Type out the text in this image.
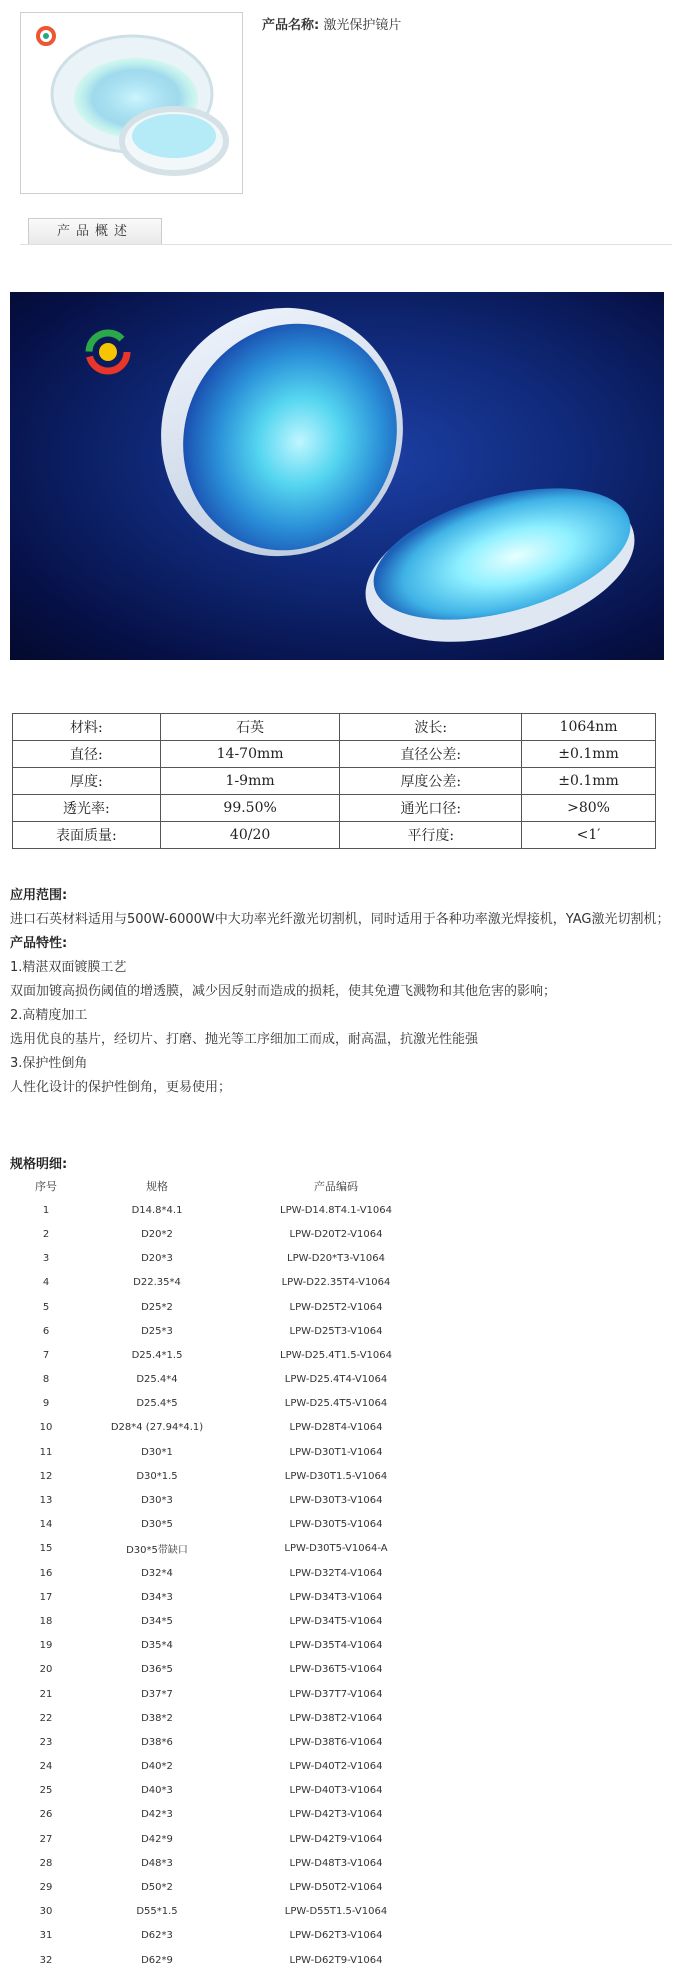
产品名称: 激光保护镜片
产品概述
材料:	石英	波长:	1064nm
直径:	14-70mm	直径公差:	±0.1mm
厚度:	1-9mm	厚度公差:	±0.1mm
透光率:	99.50%	通光口径:	>80%
表面质量:	40/20	平行度:	<1′
应用范围:
进口石英材料适用与500W-6000W中大功率光纤激光切割机，同时适用于各种功率激光焊接机，YAG激光切割机；
产品特性:
1.精湛双面镀膜工艺
双面加镀高损伤阈值的增透膜，减少因反射而造成的损耗，使其免遭飞溅物和其他危害的影响；
2.高精度加工
选用优良的基片，经切片、打磨、抛光等工序细加工而成，耐高温，抗激光性能强
3.保护性倒角
人性化设计的保护性倒角，更易使用；
规格明细:
序号	规格	产品编码
1	D14.8*4.1	LPW-D14.8T4.1-V1064
2	D20*2	LPW-D20T2-V1064
3	D20*3	LPW-D20*T3-V1064
4	D22.35*4	LPW-D22.35T4-V1064
5	D25*2	LPW-D25T2-V1064
6	D25*3	LPW-D25T3-V1064
7	D25.4*1.5	LPW-D25.4T1.5-V1064
8	D25.4*4	LPW-D25.4T4-V1064
9	D25.4*5	LPW-D25.4T5-V1064
10	D28*4 (27.94*4.1)	LPW-D28T4-V1064
11	D30*1	LPW-D30T1-V1064
12	D30*1.5	LPW-D30T1.5-V1064
13	D30*3	LPW-D30T3-V1064
14	D30*5	LPW-D30T5-V1064
15	D30*5带缺口	LPW-D30T5-V1064-A
16	D32*4	LPW-D32T4-V1064
17	D34*3	LPW-D34T3-V1064
18	D34*5	LPW-D34T5-V1064
19	D35*4	LPW-D35T4-V1064
20	D36*5	LPW-D36T5-V1064
21	D37*7	LPW-D37T7-V1064
22	D38*2	LPW-D38T2-V1064
23	D38*6	LPW-D38T6-V1064
24	D40*2	LPW-D40T2-V1064
25	D40*3	LPW-D40T3-V1064
26	D42*3	LPW-D42T3-V1064
27	D42*9	LPW-D42T9-V1064
28	D48*3	LPW-D48T3-V1064
29	D50*2	LPW-D50T2-V1064
30	D55*1.5	LPW-D55T1.5-V1064
31	D62*3	LPW-D62T3-V1064
32	D62*9	LPW-D62T9-V1064
